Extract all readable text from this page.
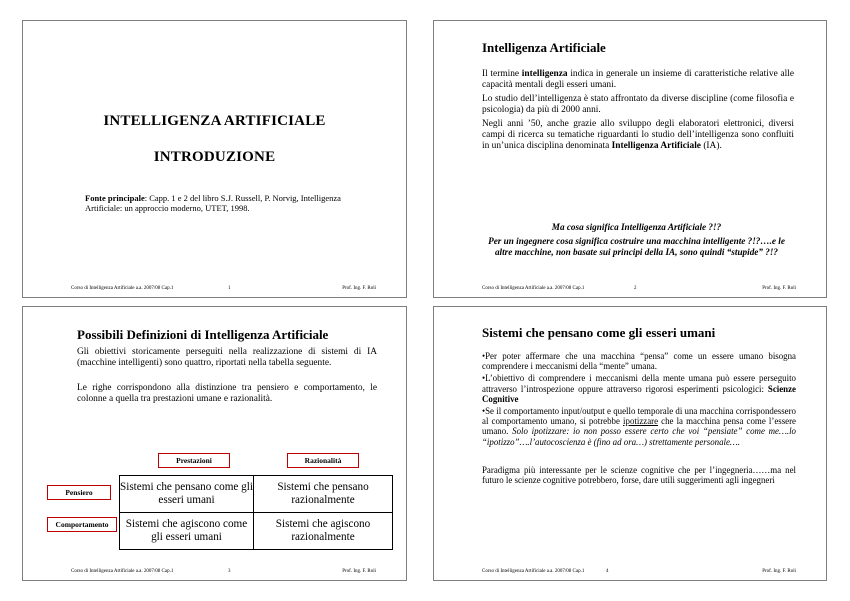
INTELLIGENZA ARTIFICIALE
INTRODUZIONE
Fonte principale: Capp. 1 e 2 del libro S.J. Russell, P. Norvig, Intelligenza Artificiale: un approccio moderno, UTET, 1998.
Corso di Intelligenza Artificiale a.a. 2007/08 Cap.1	1	Prof. Ing. F. Roli
Intelligenza Artificiale

Il termine intelligenza indica in generale un insieme di caratteristiche relative alle capacità mentali degli esseri umani.

Lo studio dell’intelligenza è stato affrontato da diverse discipline (come filosofia e psicologia) da più di 2000 anni.

Negli anni ’50, anche grazie allo sviluppo degli elaboratori elettronici, diversi campi di ricerca su tematiche riguardanti lo studio dell’intelligenza sono confluiti in un’unica disciplina denominata Intelligenza Artificiale (IA).

Ma cosa significa Intelligenza Artificiale ?!?
Per un ingegnere cosa significa costruire una macchina intelligente ?!?….e le altre macchine, non basate sui principi della IA, sono quindi “stupide” ?!?
Corso di Intelligenza Artificiale a.a. 2007/08 Cap.1	2	Prof. Ing. F. Roli
Possibili Definizioni di Intelligenza Artificiale

Gli obiettivi storicamente perseguiti nella realizzazione di sistemi di IA (macchine intelligenti) sono quattro, riportati nella tabella seguente.

Le righe corrispondono alla distinzione tra pensiero e comportamento, le colonne a quella tra prestazioni umane e razionalità.

Prestazioni	Razionalità
Pensiero
Comportamento
Sistemi che pensano come gli esseri umani	Sistemi che pensano razionalmente
Sistemi che agiscono come gli esseri umani	Sistemi che agiscono razionalmente
Corso di Intelligenza Artificiale a.a. 2007/08 Cap.1	3	Prof. Ing. F. Roli
Sistemi che pensano come gli esseri umani

•Per poter affermare che una macchina “pensa” come un essere umano bisogna comprendere i meccanismi della “mente” umana.

•L’obiettivo di comprendere i meccanismi della mente umana può essere perseguito attraverso l’introspezione oppure attraverso rigorosi esperimenti psicologici: Scienze Cognitive

•Se il comportamento input/output e quello temporale di una macchina corrispondessero al comportamento umano, si potrebbe ipotizzare che la macchina pensa come l’essere umano. Solo ipotizzare: io non posso essere certo che voi “pensiate” come me….lo “ipotizzo”….l’autocoscienza è (fino ad ora…) strettamente personale….

Paradigma più interessante per le scienze cognitive che per l’ingegneria……ma nel futuro le scienze cognitive potrebbero, forse, dare utili suggerimenti agli ingegneri

Corso di Intelligenza Artificiale a.a. 2007/08 Cap.1	4	Prof. Ing. F. Roli
